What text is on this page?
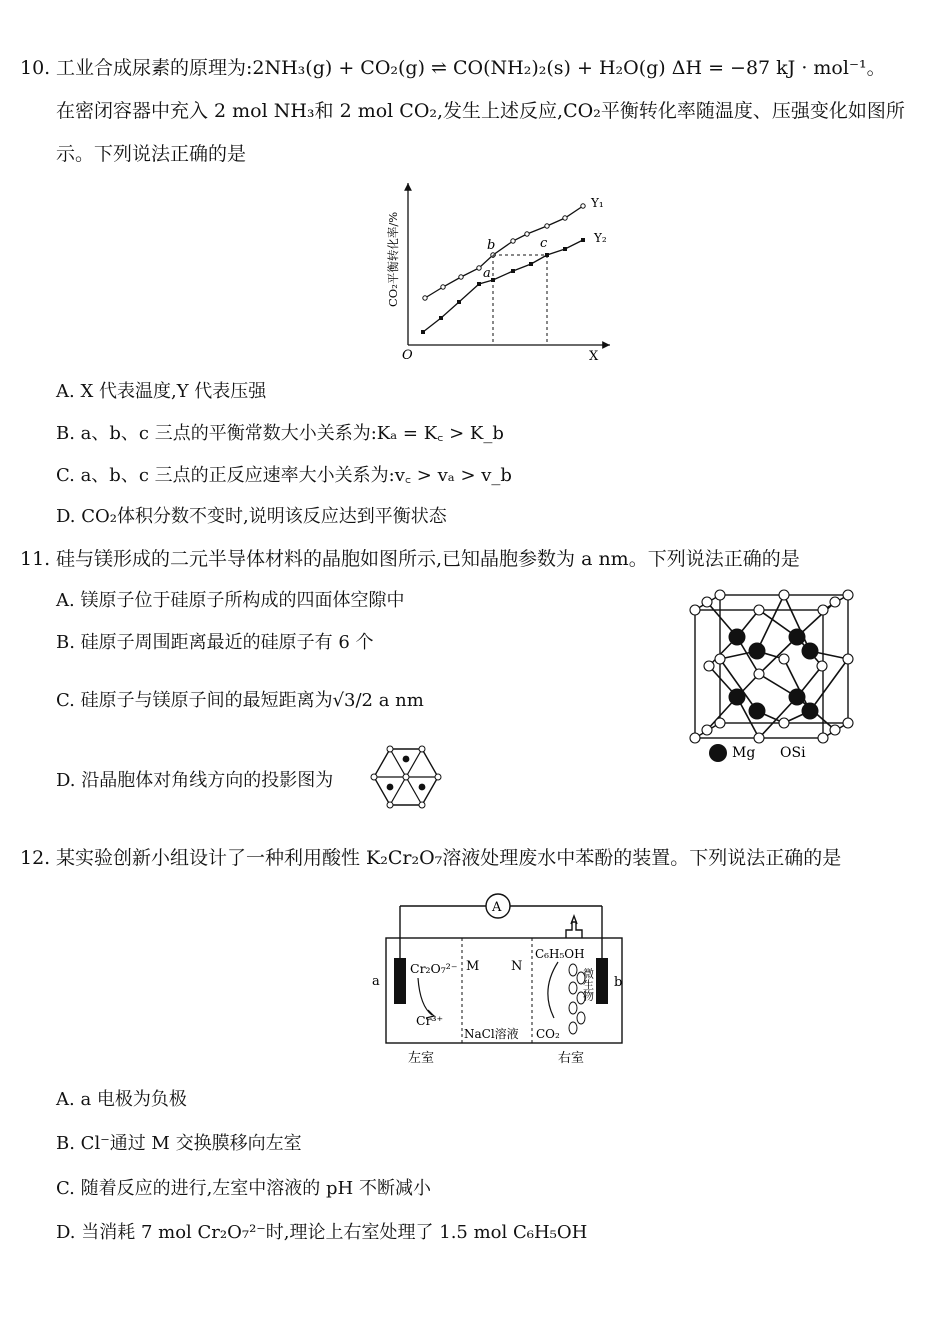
10. 工业合成尿素的原理为:2NH₃(g) + CO₂(g) ⇌ CO(NH₂)₂(s) + H₂O(g) ΔH = −87 kJ · mol⁻¹。
在密闭容器中充入 2 mol NH₃和 2 mol CO₂,发生上述反应,CO₂平衡转化率随温度、压强变化如图所
示。下列说法正确的是
O	X
CO₂平衡转化率/%	a
b	c
Y₁
Y₂
A. X 代表温度,Y 代表压强
B. a、b、c 三点的平衡常数大小关系为:Kₐ = K꜀ > K_b
C. a、b、c 三点的正反应速率大小关系为:v꜀ > vₐ > v_b
D. CO₂体积分数不变时,说明该反应达到平衡状态
11. 硅与镁形成的二元半导体材料的晶胞如图所示,已知晶胞参数为 a nm。下列说法正确的是
A. 镁原子位于硅原子所构成的四面体空隙中
B. 硅原子周围距离最近的硅原子有 6 个
C. 硅原子与镁原子间的最短距离为√3/2 a nm
D. 沿晶胞体对角线方向的投影图为
Mg OSi
12. 某实验创新小组设计了一种利用酸性 K₂Cr₂O₇溶液处理废水中苯酚的装置。下列说法正确的是
A
a	b
Cr₂O₇²⁻
Cr³⁺
M N
NaCl溶液
C₆H₅OH
微生物
CO₂
左室	右室
A. a 电极为负极
B. Cl⁻通过 M 交换膜移向左室
C. 随着反应的进行,左室中溶液的 pH 不断减小
D. 当消耗 7 mol Cr₂O₇²⁻时,理论上右室处理了 1.5 mol C₆H₅OH
